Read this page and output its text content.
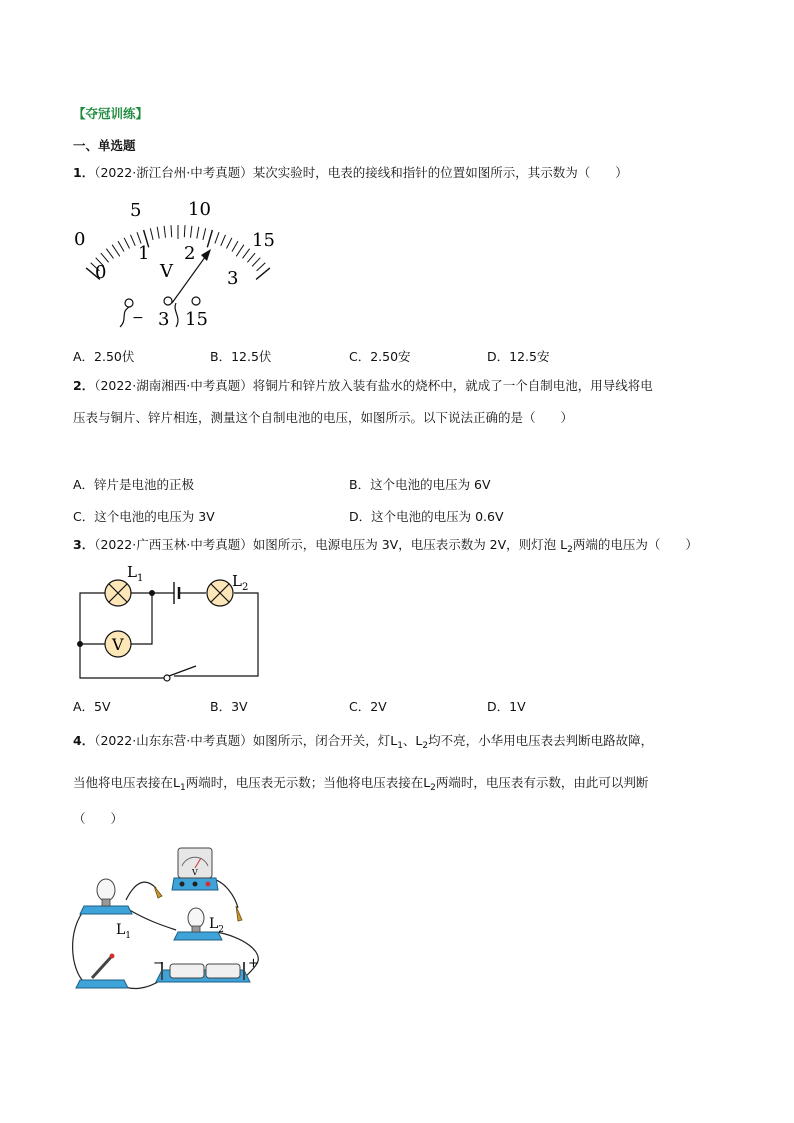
【夺冠训练】
一、单选题
1．（2022·浙江台州·中考真题）某次实验时，电表的接线和指针的位置如图所示，其示数为（　　）
0
5	10
15
0
1 2
3
V
− 3 15
A．2.50伏	B．12.5伏	C．2.50安	D．12.5安
2．（2022·湖南湘西·中考真题）将铜片和锌片放入装有盐水的烧杯中，就成了一个自制电池，用导线将电
压表与铜片、锌片相连，测量这个自制电池的电压，如图所示。以下说法正确的是（　　）
A．锌片是电池的正极	B．这个电池的电压为 6V
C．这个电池的电压为 3V	D．这个电池的电压为 0.6V
3．（2022·广西玉林·中考真题）如图所示，电源电压为 3V，电压表示数为 2V，则灯泡 $L_2$两端的电压为（　　）
$L_1$	$L_2$
V
A．5V	B．3V	C．2V	D．1V
4．（2022·山东东营·中考真题）如图所示，闭合开关，灯$L_1$、$L_2$均不亮，小华用电压表去判断电路故障，
当他将电压表接在$L_1$两端时，电压表无示数；当他将电压表接在$L_2$两端时，电压表有示数，由此可以判断
（　　）
V
$L_1$
$L_2$
−	+
